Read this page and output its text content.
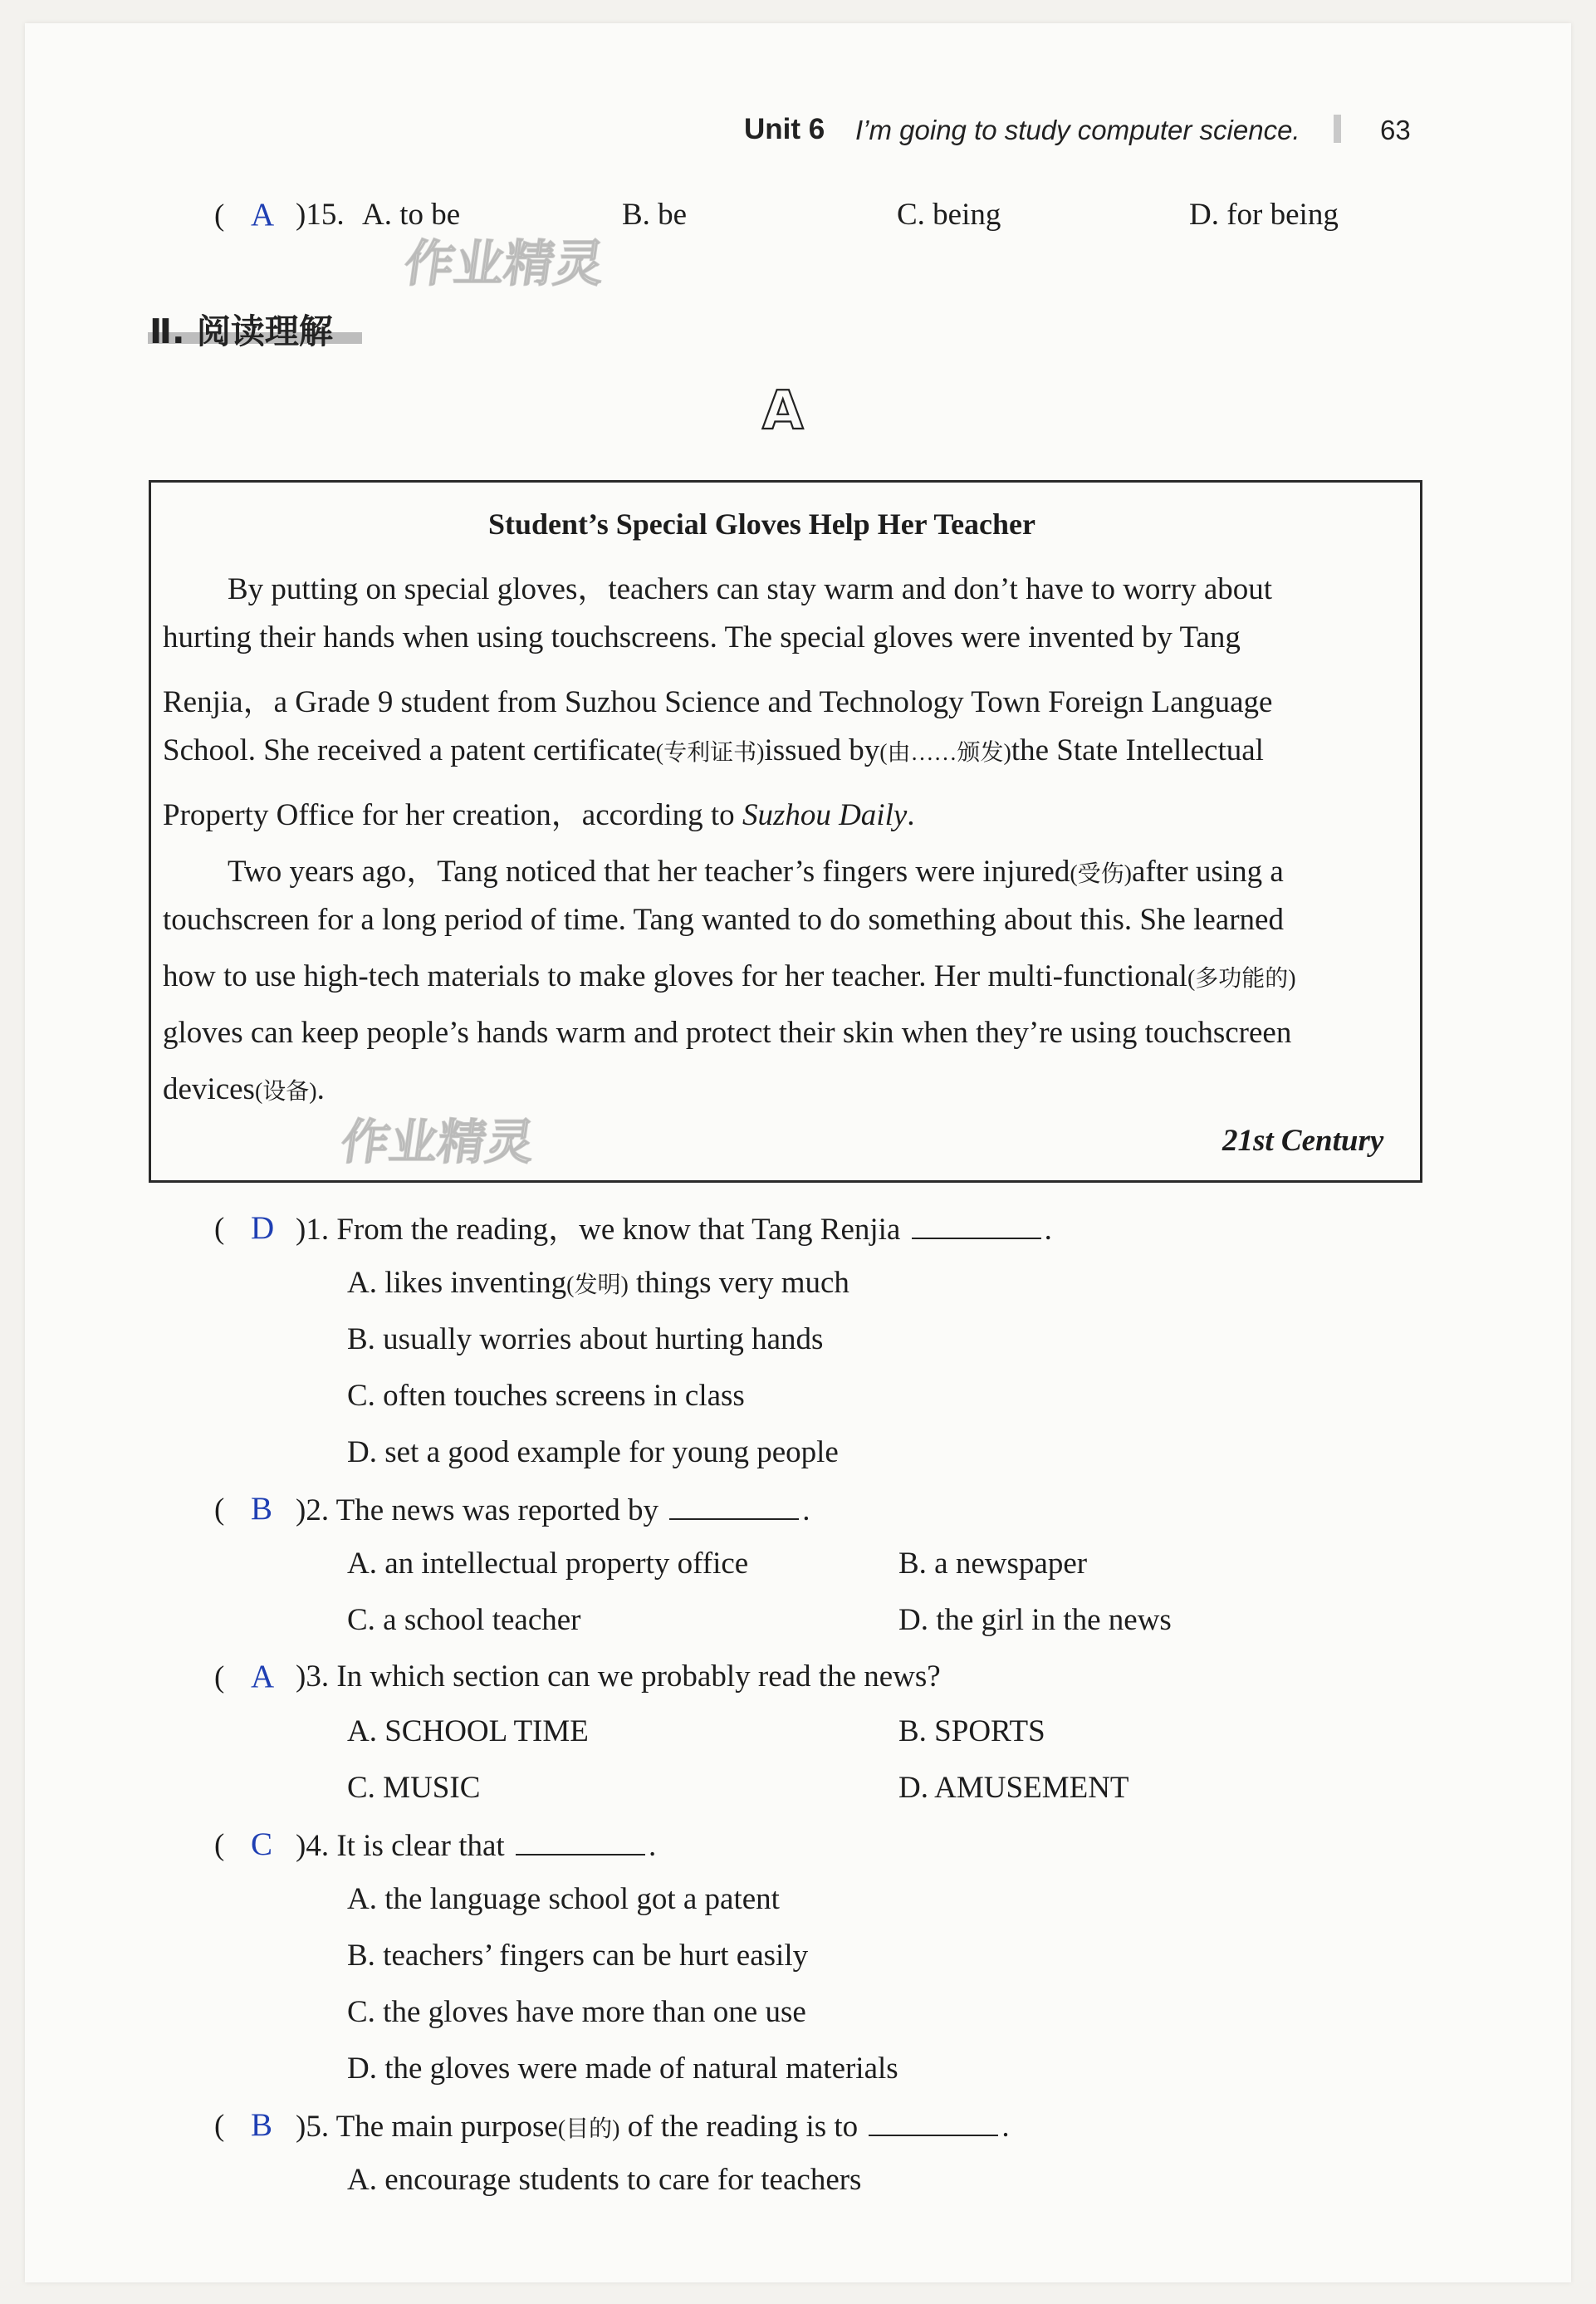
Unit 6 I’m going to study computer science.	63
( A )15. A. to be	B. be	C. being	D. for being
作业精灵
Ⅱ. 阅读理解
A
Student’s Special Gloves Help Her Teacher
By putting on special gloves，teachers can stay warm and don’t have to worry about
hurting their hands when using touchscreens. The special gloves were invented by Tang
Renjia，a Grade 9 student from Suzhou Science and Technology Town Foreign Language
School. She received a patent certificate(专利证书)issued by(由……颁发)the State Intellectual
Property Office for her creation，according to Suzhou Daily.
Two years ago，Tang noticed that her teacher’s fingers were injured(受伤)after using a
touchscreen for a long period of time. Tang wanted to do something about this. She learned
how to use high-tech materials to make gloves for her teacher. Her multi-functional(多功能的)
gloves can keep people’s hands warm and protect their skin when they’re using touchscreen
devices(设备).
21st Century
作业精灵
( D )1. From the reading，we know that Tang Renjia	.
A. likes inventing(发明) things very much
B. usually worries about hurting hands
C. often touches screens in class
D. set a good example for young people
( B )2. The news was reported by	.
A. an intellectual property office	B. a newspaper
C. a school teacher	D. the girl in the news
( A )3. In which section can we probably read the news?
A. SCHOOL TIME	B. SPORTS
C. MUSIC	D. AMUSEMENT
( C )4. It is clear that	.
A. the language school got a patent
B. teachers’ fingers can be hurt easily
C. the gloves have more than one use
D. the gloves were made of natural materials
( B )5. The main purpose(目的) of the reading is to	.
A. encourage students to care for teachers
